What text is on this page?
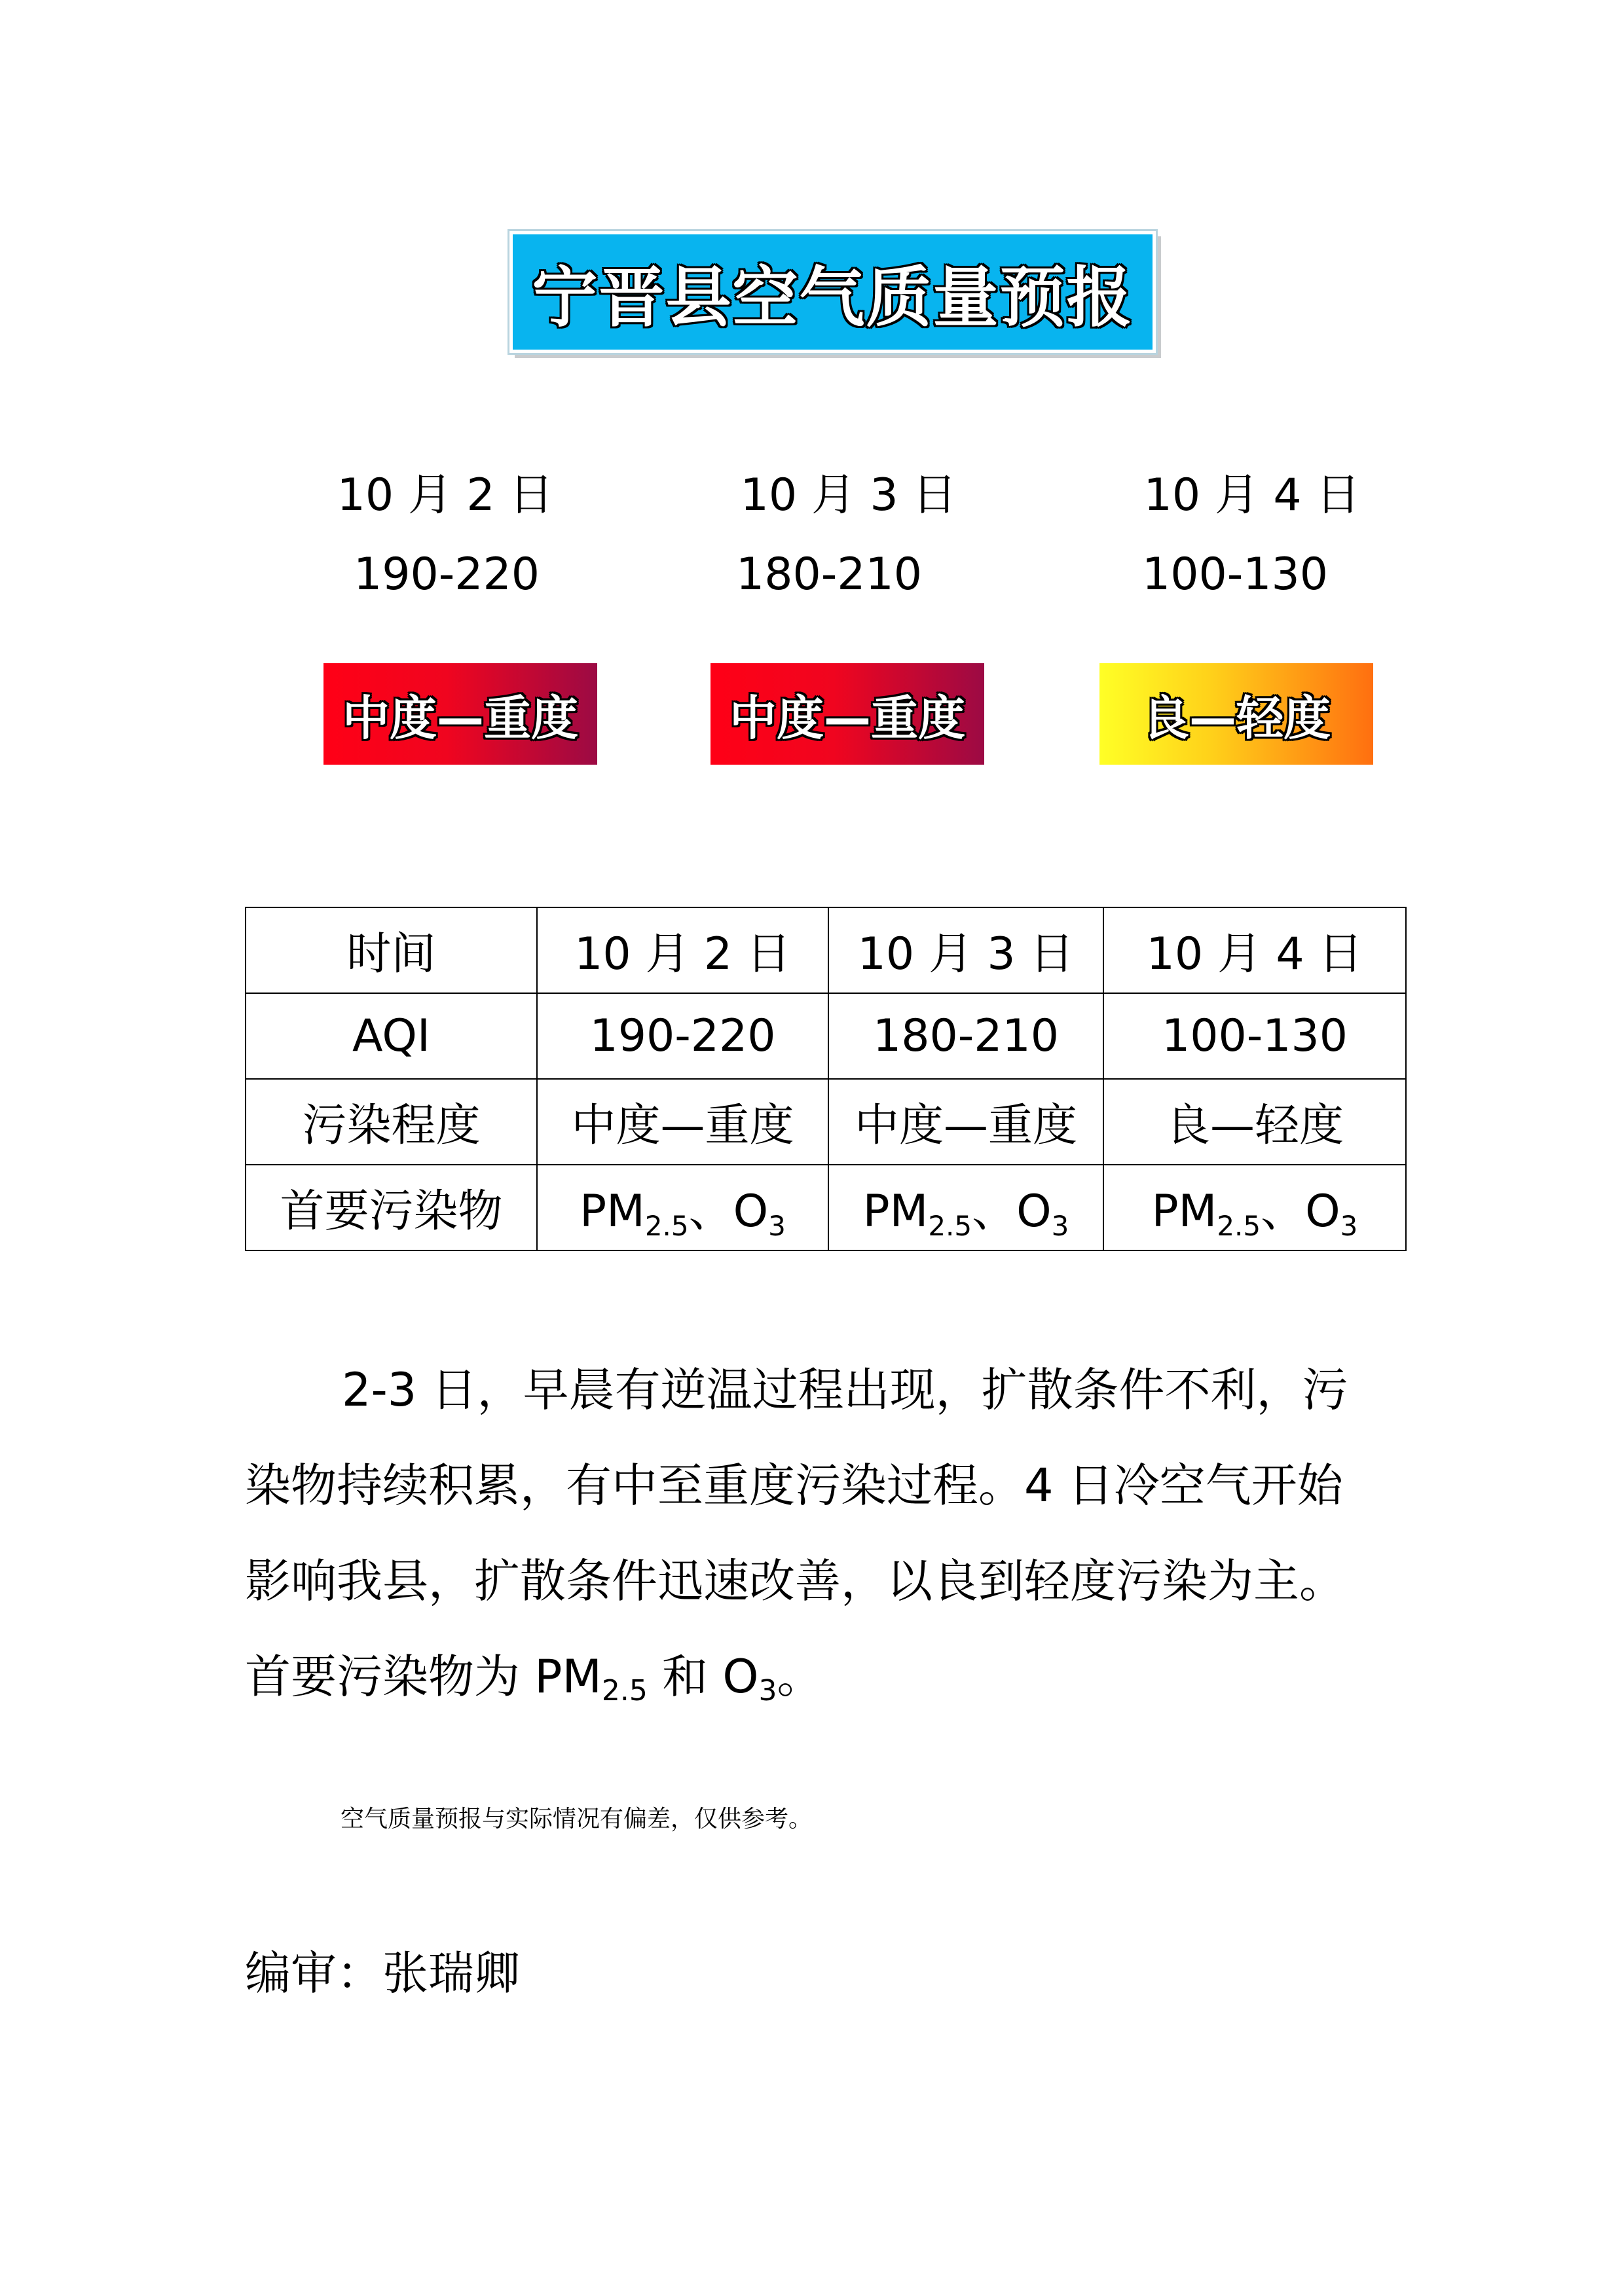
宁晋县空气质量预报
10 月 2 日	10 月 3 日	10 月 4 日
190-220	180-210	100-130
中度—重度	中度—重度	良—轻度
时间	10 月 2 日	10 月 3 日	10 月 4 日
AQI	190-220	180-210	100-130
污染程度	中度—重度	中度—重度	良—轻度
首要污染物	$PM_{2.5}$、$O_3$	$PM_{2.5}$、$O_3$	$PM_{2.5}$、$O_3$
2-3 日，早晨有逆温过程出现，扩散条件不利，污染物持续积累，有中至重度污染过程。4 日冷空气开始影响我县，扩散条件迅速改善，以良到轻度污染为主。首要污染物为 PM2.5 和 O3。
空气质量预报与实际情况有偏差，仅供参考。
编审：张瑞卿
